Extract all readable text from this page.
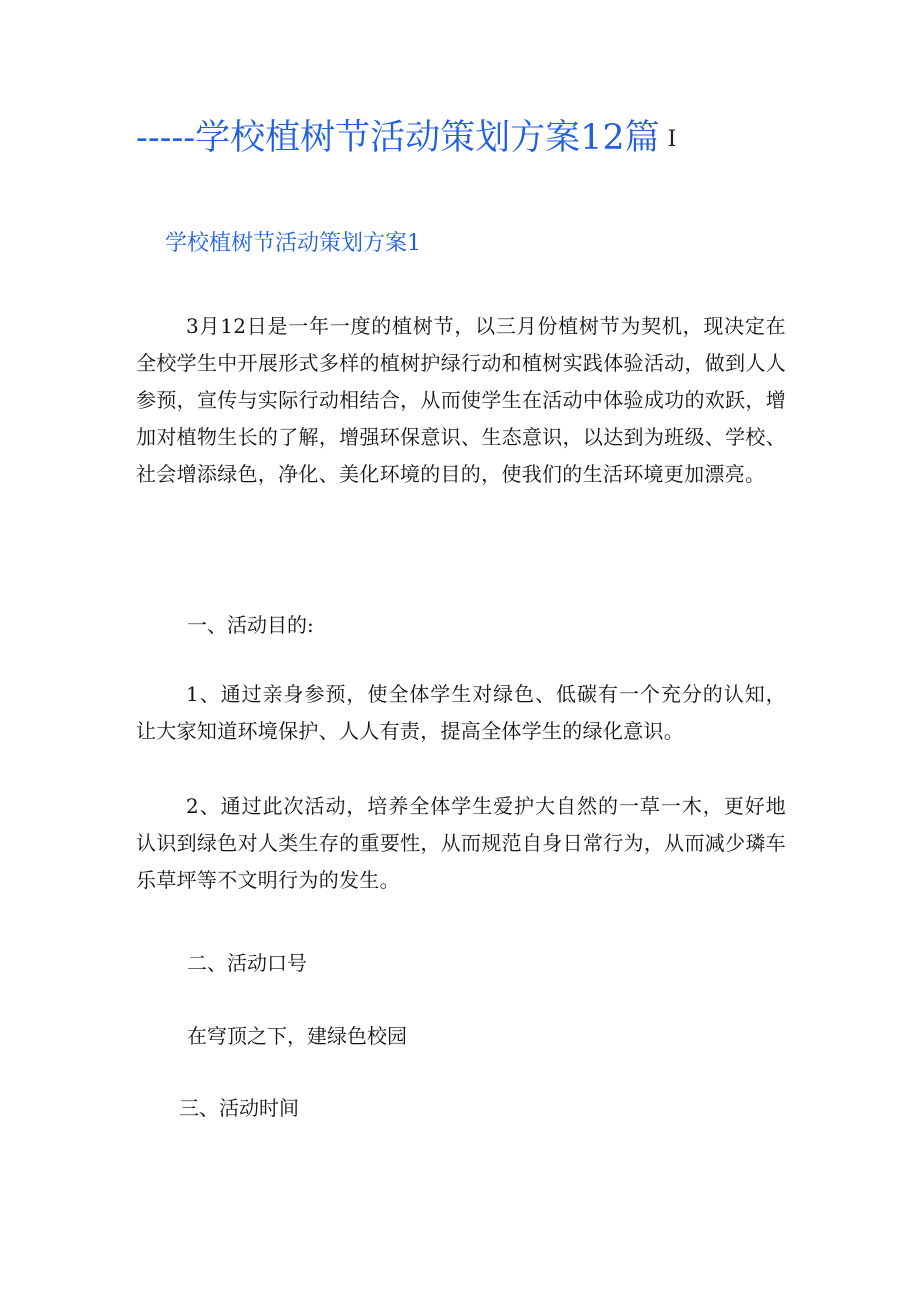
-----学校植树节活动策划方案12篇 I
学校植树节活动策划方案1

3月12日是一年一度的植树节，以三月份植树节为契机，现决定在全校学生中开展形式多样的植树护绿行动和植树实践体验活动，做到人人参预，宣传与实际行动相结合，从而使学生在活动中体验成功的欢跃，增加对植物生长的了解，增强环保意识、生态意识，以达到为班级、学校、社会增添绿色，净化、美化环境的目的，使我们的生活环境更加漂亮。

一、活动目的:

1、通过亲身参预，使全体学生对绿色、低碳有一个充分的认知，让大家知道环境保护、人人有责，提高全体学生的绿化意识。

2、通过此次活动，培养全体学生爱护大自然的一草一木，更好地认识到绿色对人类生存的重要性，从而规范自身日常行为，从而减少璘车乐草坪等不文明行为的发生。

二、活动口号

在穹顶之下，建绿色校园

三、活动时间
